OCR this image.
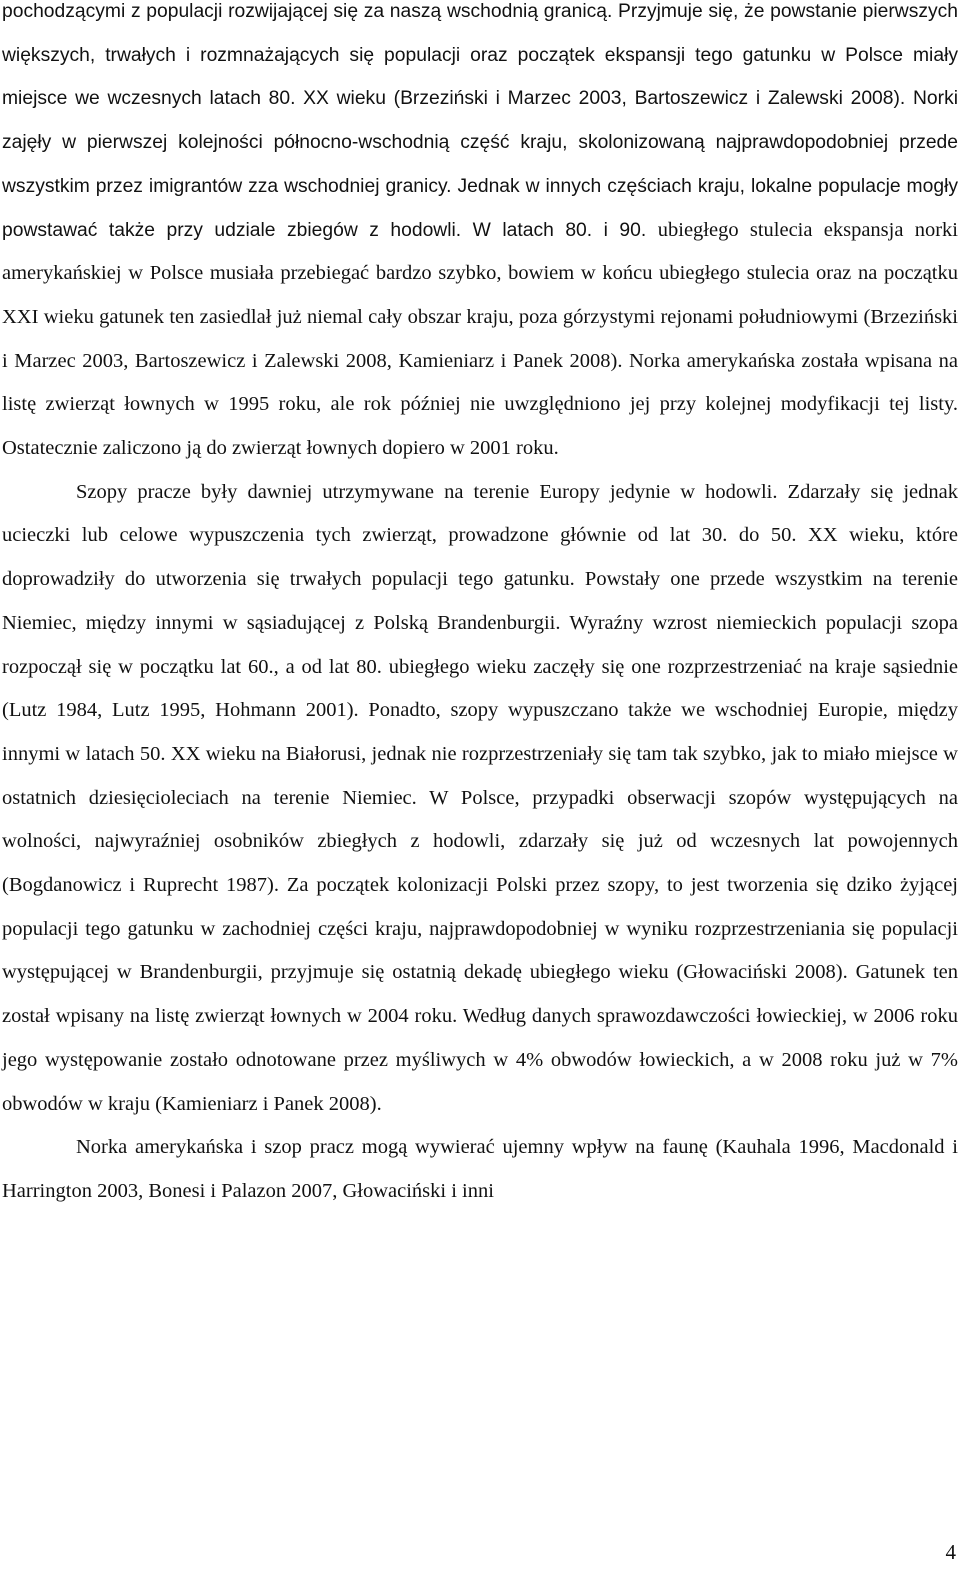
pochodzącymi z populacji rozwijającej się za naszą wschodnią granicą. Przyjmuje się, że powstanie pierwszych większych, trwałych i rozmnażających się populacji oraz początek ekspansji tego gatunku w Polsce miały miejsce we wczesnych latach 80. XX wieku (Brzeziński i Marzec 2003, Bartoszewicz i Zalewski 2008). Norki zajęły w pierwszej kolejności północno-wschodnią część kraju, skolonizowaną najprawdopodobniej przede wszystkim przez imigrantów zza wschodniej granicy. Jednak w innych częściach kraju, lokalne populacje mogły powstawać także przy udziale zbiegów z hodowli. W latach 80. i 90. ubiegłego stulecia ekspansja norki amerykańskiej w Polsce musiała przebiegać bardzo szybko, bowiem w końcu ubiegłego stulecia oraz na początku XXI wieku gatunek ten zasiedlał już niemal cały obszar kraju, poza górzystymi rejonami południowymi (Brzeziński i Marzec 2003, Bartoszewicz i Zalewski 2008, Kamieniarz i Panek 2008). Norka amerykańska została wpisana na listę zwierząt łownych w 1995 roku, ale rok później nie uwzględniono jej przy kolejnej modyfikacji tej listy. Ostatecznie zaliczono ją do zwierząt łownych dopiero w 2001 roku.

Szopy pracze były dawniej utrzymywane na terenie Europy jedynie w hodowli. Zdarzały się jednak ucieczki lub celowe wypuszczenia tych zwierząt, prowadzone głównie od lat 30. do 50. XX wieku, które doprowadziły do utworzenia się trwałych populacji tego gatunku. Powstały one przede wszystkim na terenie Niemiec, między innymi w sąsiadującej z Polską Brandenburgii. Wyraźny wzrost niemieckich populacji szopa rozpoczął się w początku lat 60., a od lat 80. ubiegłego wieku zaczęły się one rozprzestrzeniać na kraje sąsiednie (Lutz 1984, Lutz 1995, Hohmann 2001). Ponadto, szopy wypuszczano także we wschodniej Europie, między innymi w latach 50. XX wieku na Białorusi, jednak nie rozprzestrzeniały się tam tak szybko, jak to miało miejsce w ostatnich dziesięcioleciach na terenie Niemiec. W Polsce, przypadki obserwacji szopów występujących na wolności, najwyraźniej osobników zbiegłych z hodowli, zdarzały się już od wczesnych lat powojennych (Bogdanowicz i Ruprecht 1987). Za początek kolonizacji Polski przez szopy, to jest tworzenia się dziko żyjącej populacji tego gatunku w zachodniej części kraju, najprawdopodobniej w wyniku rozprzestrzeniania się populacji występującej w Brandenburgii, przyjmuje się ostatnią dekadę ubiegłego wieku (Głowaciński 2008). Gatunek ten został wpisany na listę zwierząt łownych w 2004 roku. Według danych sprawozdawczości łowieckiej, w 2006 roku jego występowanie zostało odnotowane przez myśliwych w 4% obwodów łowieckich, a w 2008 roku już w 7% obwodów w kraju (Kamieniarz i Panek 2008).

Norka amerykańska i szop pracz mogą wywierać ujemny wpływ na faunę (Kauhala 1996, Macdonald i Harrington 2003, Bonesi i Palazon 2007, Głowaciński i inni

4
